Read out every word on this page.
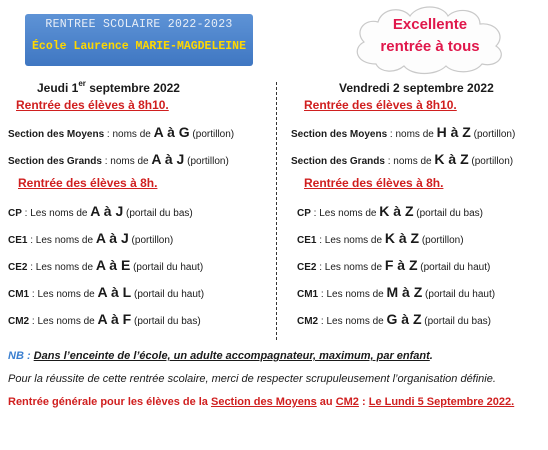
RENTREE SCOLAIRE 2022-2023
École Laurence MARIE-MAGDELEINE
Excellente
rentrée à tous
Jeudi 1er septembre 2022
Rentrée des élèves à 8h10.
Section des Moyens : noms de A à G (portillon)
Section des Grands : noms de A à J (portillon)
Rentrée des élèves à 8h.
CP : Les noms de A à J (portail du bas)
CE1 : Les noms de A à J (portillon)
CE2 : Les noms de A à E (portail du haut)
CM1 : Les noms de A à L (portail du haut)
CM2 : Les noms de A à F (portail du bas)
Vendredi 2 septembre 2022
Rentrée des élèves à 8h10.
Section des Moyens : noms de H à Z (portillon)
Section des Grands : noms de K à Z (portillon)
Rentrée des élèves à 8h.
CP : Les noms de K à Z (portail du bas)
CE1 : Les noms de K à Z (portillon)
CE2 : Les noms de F à Z (portail du haut)
CM1 : Les noms de M à Z (portail du haut)
CM2 : Les noms de G à Z (portail du bas)
NB : Dans l’enceinte de l’école, un adulte accompagnateur, maximum, par enfant.
Pour la réussite de cette rentrée scolaire, merci de respecter scrupuleusement l’organisation définie.
Rentrée générale pour les élèves de la Section des Moyens au CM2 : Le Lundi 5 Septembre 2022.
